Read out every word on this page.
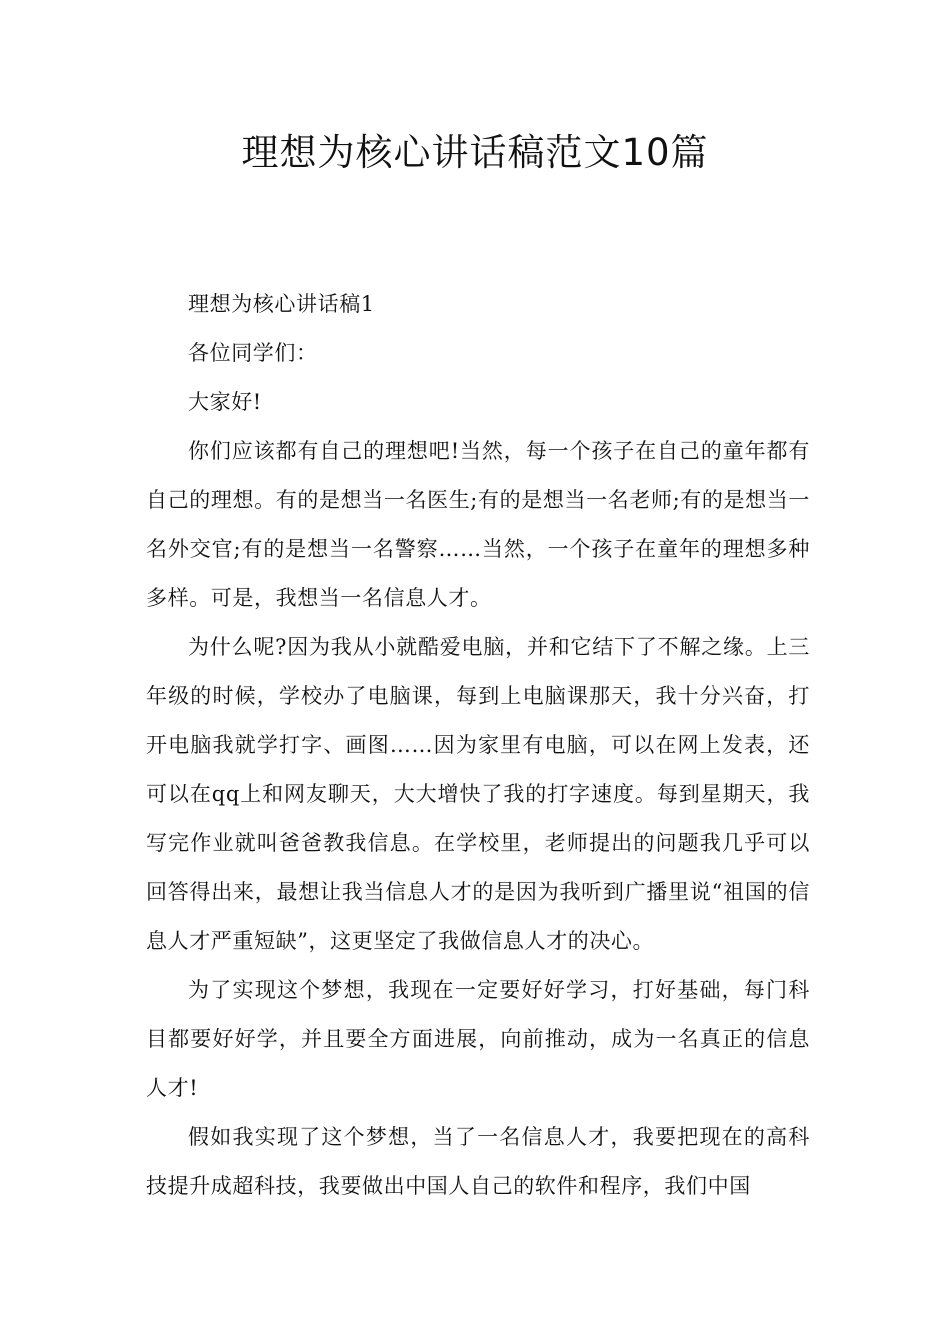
理想为核心讲话稿范文10篇

理想为核心讲话稿1

各位同学们：

大家好!

你们应该都有自己的理想吧!当然，每一个孩子在自己的童年都有自己的理想。有的是想当一名医生;有的是想当一名老师;有的是想当一名外交官;有的是想当一名警察……当然，一个孩子在童年的理想多种多样。可是，我想当一名信息人才。

为什么呢?因为我从小就酷爱电脑，并和它结下了不解之缘。上三年级的时候，学校办了电脑课，每到上电脑课那天，我十分兴奋，打开电脑我就学打字、画图……因为家里有电脑，可以在网上发表，还可以在qq上和网友聊天，大大增快了我的打字速度。每到星期天，我写完作业就叫爸爸教我信息。在学校里，老师提出的问题我几乎可以回答得出来，最想让我当信息人才的是因为我听到广播里说“祖国的信息人才严重短缺”，这更坚定了我做信息人才的决心。

为了实现这个梦想，我现在一定要好好学习，打好基础，每门科目都要好好学，并且要全方面进展，向前推动，成为一名真正的信息人才!

假如我实现了这个梦想，当了一名信息人才，我要把现在的高科技提升成超科技，我要做出中国人自己的软件和程序，我们中国
